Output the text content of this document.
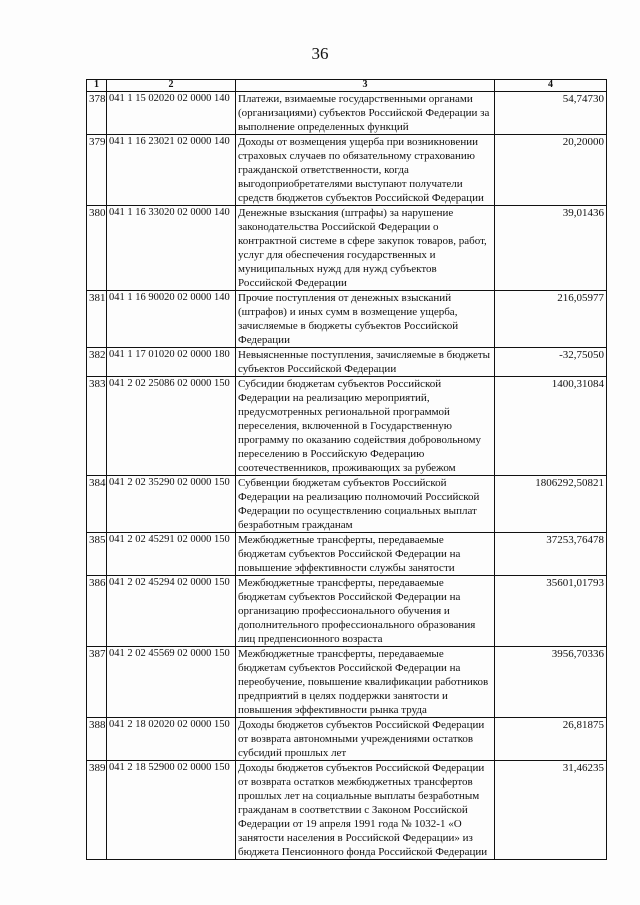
36
1	2	3	4
378	041 1 15 02020 02 0000 140	Платежи, взимаемые государственными органами (организациями) субъектов Российской Федерации за выполнение определенных функций	54,74730
379	041 1 16 23021 02 0000 140	Доходы от возмещения ущерба при возникновении страховых случаев по обязательному страхованию гражданской ответственности, когда выгодоприобретателями выступают получатели средств бюджетов субъектов Российской Федерации	20,20000
380	041 1 16 33020 02 0000 140	Денежные взыскания (штрафы) за нарушение законодательства Российской Федерации о контрактной системе в сфере закупок товаров, работ, услуг для обеспечения государственных и муниципальных нужд для нужд субъектов Российской Федерации	39,01436
381	041 1 16 90020 02 0000 140	Прочие поступления от денежных взысканий (штрафов) и иных сумм в возмещение ущерба, зачисляемые в бюджеты субъектов Российской Федерации	216,05977
382	041 1 17 01020 02 0000 180	Невыясненные поступления, зачисляемые в бюджеты субъектов Российской Федерации	-32,75050
383	041 2 02 25086 02 0000 150	Субсидии бюджетам субъектов Российской Федерации на реализацию мероприятий, предусмотренных региональной программой переселения, включенной в Государственную программу по оказанию содействия добровольному переселению в Российскую Федерацию соотечественников, проживающих за рубежом	1400,31084
384	041 2 02 35290 02 0000 150	Субвенции бюджетам субъектов Российской Федерации на реализацию полномочий Российской Федерации по осуществлению социальных выплат безработным гражданам	1806292,50821
385	041 2 02 45291 02 0000 150	Межбюджетные трансферты, передаваемые бюджетам субъектов Российской Федерации на повышение эффективности службы занятости	37253,76478
386	041 2 02 45294 02 0000 150	Межбюджетные трансферты, передаваемые бюджетам субъектов Российской Федерации на организацию профессионального обучения и дополнительного профессионального образования лиц предпенсионного возраста	35601,01793
387	041 2 02 45569 02 0000 150	Межбюджетные трансферты, передаваемые бюджетам субъектов Российской Федерации на переобучение, повышение квалификации работников предприятий в целях поддержки занятости и повышения эффективности рынка труда	3956,70336
388	041 2 18 02020 02 0000 150	Доходы бюджетов субъектов Российской Федерации от возврата автономными учреждениями остатков субсидий прошлых лет	26,81875
389	041 2 18 52900 02 0000 150	Доходы бюджетов субъектов Российской Федерации от возврата остатков межбюджетных трансфертов прошлых лет на социальные выплаты безработным гражданам в соответствии с Законом Российской Федерации от 19 апреля 1991 года № 1032-1 «О занятости населения в Российской Федерации» из бюджета Пенсионного фонда Российской Федерации	31,46235
